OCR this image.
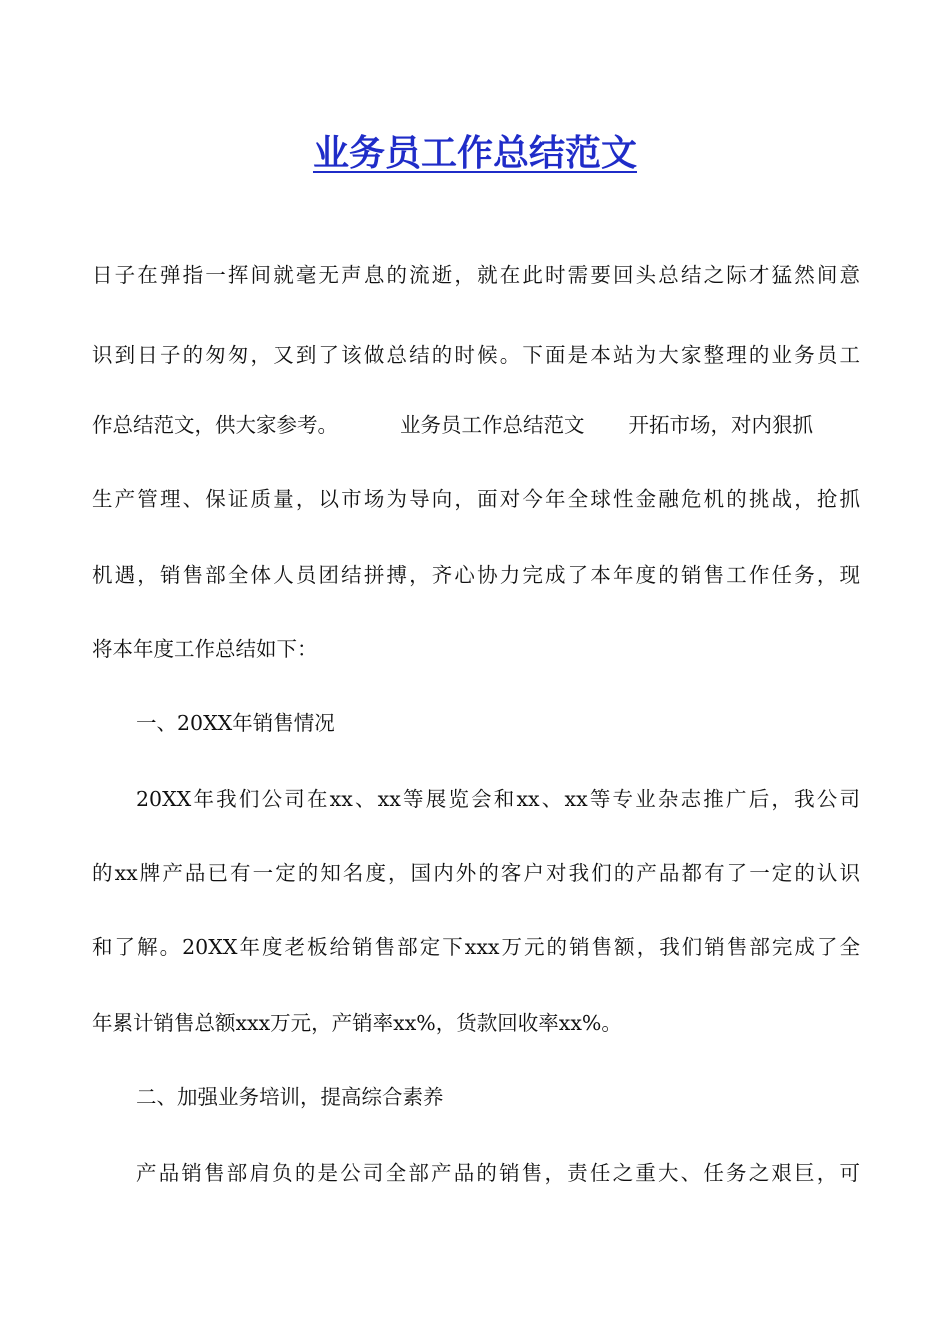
业务员工作总结范文

日子在弹指一挥间就毫无声息的流逝，就在此时需要回头总结之际才猛然间意

识到日子的匆匆，又到了该做总结的时候。下面是本站为大家整理的业务员工

作总结范文，供大家参考。	业务员工作总结范文 开拓市场，对内狠抓

生产管理、保证质量，以市场为导向，面对今年全球性金融危机的挑战，抢抓

机遇，销售部全体人员团结拼搏，齐心协力完成了本年度的销售工作任务，现

将本年度工作总结如下：

一、20XX年销售情况

20XX年我们公司在xx、xx等展览会和xx、xx等专业杂志推广后，我公司

的xx牌产品已有一定的知名度，国内外的客户对我们的产品都有了一定的认识

和了解。20XX年度老板给销售部定下xxx万元的销售额，我们销售部完成了全

年累计销售总额xxx万元，产销率xx%，货款回收率xx%。

二、加强业务培训，提高综合素养

产品销售部肩负的是公司全部产品的销售，责任之重大、任务之艰巨，可
